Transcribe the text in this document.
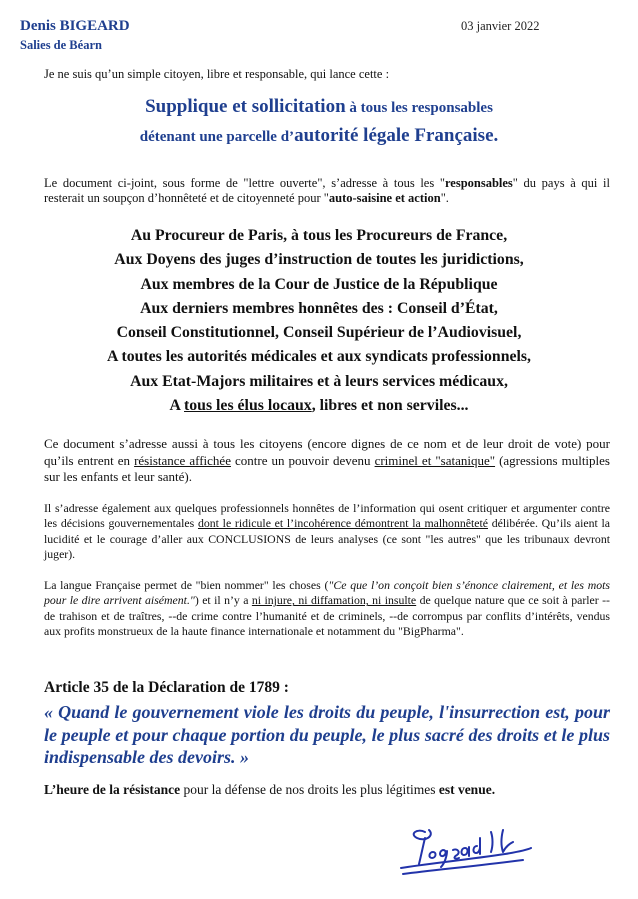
Denis BIGEARD
Salies de Béarn
03 janvier 2022
Je ne suis qu’un simple citoyen, libre et responsable, qui lance cette :
Supplique et sollicitation à tous les responsables
détenant une parcelle d’autorité légale Française.
Le document ci-joint, sous forme de "lettre ouverte", s’adresse à tous les "responsables" du pays à qui il resterait un soupçon d’honnêteté et de citoyenneté pour "auto-saisine et action".
Au Procureur de Paris, à tous les Procureurs de France,
Aux Doyens des juges d’instruction de toutes les juridictions,
Aux membres de la Cour de Justice de la République
Aux derniers membres honnêtes des : Conseil d’État,
Conseil Constitutionnel, Conseil Supérieur de l’Audiovisuel,
A toutes les autorités médicales et aux syndicats professionnels,
Aux Etat-Majors militaires et à leurs services médicaux,
A tous les élus locaux, libres et non serviles...
Ce document s’adresse aussi à tous les citoyens (encore dignes de ce nom et de leur droit de vote) pour qu’ils entrent en résistance affichée contre un pouvoir devenu criminel et "satanique" (agressions multiples sur les enfants et leur santé).
Il s’adresse également aux quelques professionnels honnêtes de l’information qui osent critiquer et argumenter contre les décisions gouvernementales dont le ridicule et l’incohérence démontrent la malhonnêteté délibérée. Qu’ils aient la lucidité et le courage d’aller aux CONCLUSIONS de leurs analyses (ce sont "les autres" que les tribunaux devront juger).
La langue Française permet de "bien nommer" les choses ("Ce que l’on conçoit bien s’énonce clairement, et les mots pour le dire arrivent aisément.") et il n’y a ni injure, ni diffamation, ni insulte de quelque nature que ce soit à parler --de trahison et de traîtres, --de crime contre l’humanité et de criminels, --de corrompus par conflits d’intérêts, vendus aux profits monstrueux de la haute finance internationale et notamment du "BigPharma".
Article 35 de la Déclaration de 1789 :
« Quand le gouvernement viole les droits du peuple, l'insurrection est, pour le peuple et pour chaque portion du peuple, le plus sacré des droits et le plus indispensable des devoirs. »
L’heure de la résistance pour la défense de nos droits les plus légitimes est venue.
